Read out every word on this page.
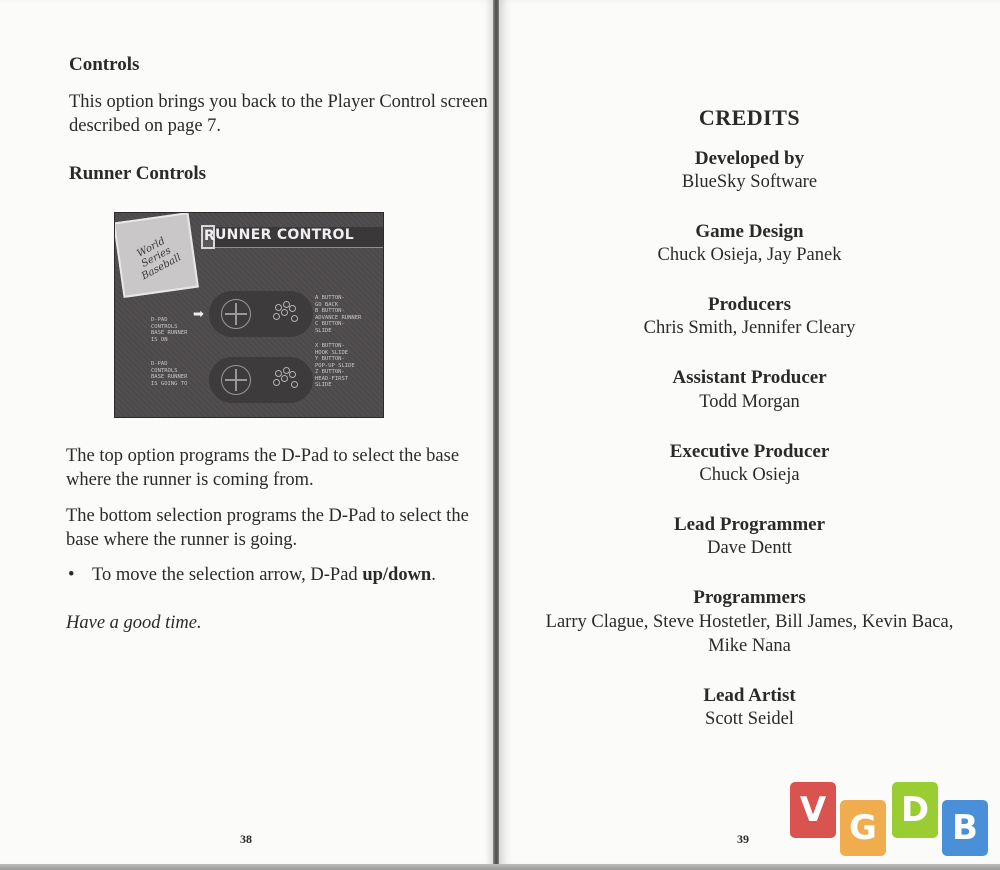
Controls

This option brings you back to the Player Control screen

described on page 7.

Runner Controls
World Series Baseball
R UNNER CONTROL
D-PAD
CONTROLS
BASE RUNNER
IS ON
D-PAD
CONTROLS
BASE RUNNER
IS GOING TO
A BUTTON-
GO BACK
B BUTTON-
ADVANCE RUNNER
C BUTTON-
SLIDE
X BUTTON-
HOOK SLIDE
Y BUTTON-
POP-UP SLIDE
Z BUTTON-
HEAD-FIRST
SLIDE
➡

The top option programs the D-Pad to select the base

where the runner is coming from.

The bottom selection programs the D-Pad to select the

base where the runner is going.

• To move the selection arrow, D-Pad up/down.

Have a good time.

38
CREDITS
Developed by
BlueSky Software
Game Design
Chuck Osieja, Jay Panek
Producers
Chris Smith, Jennifer Cleary
Assistant Producer
Todd Morgan
Executive Producer
Chuck Osieja
Lead Programmer
Dave Dentt
Programmers
Larry Clague, Steve Hostetler, Bill James, Kevin Baca,
Mike Nana
Lead Artist
Scott Seidel
39
V G D B
